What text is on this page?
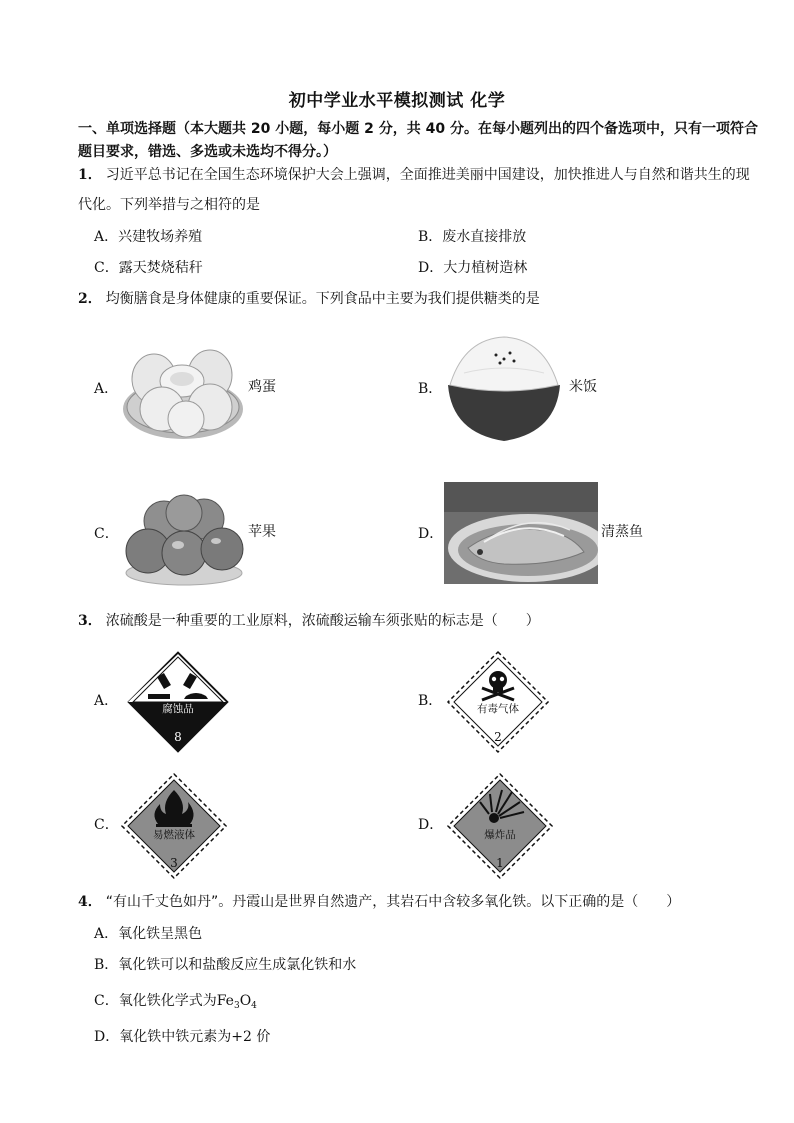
初中学业水平模拟测试 化学
一、单项选择题（本大题共 20 小题，每小题 2 分，共 40 分。在每小题列出的四个备选项中，只有一项符合题目要求，错选、多选或未选均不得分。）
1． 习近平总书记在全国生态环境保护大会上强调，全面推进美丽中国建设，加快推进人与自然和谐共生的现代化。下列举措与之相符的是
A．兴建牧场养殖	B．废水直接排放
C．露天焚烧秸秆	D．大力植树造林
2． 均衡膳食是身体健康的重要保证。下列食品中主要为我们提供糖类的是
A．	鸡蛋	B．	米饭
C．	苹果	D．	清蒸鱼
3． 浓硫酸是一种重要的工业原料，浓硫酸运输车须张贴的标志是（　　）
A．	腐蚀品
8
B．	有毒气体
2
C．
易燃液体
3
D．
爆炸品
1
4． “有山千丈色如丹”。丹霞山是世界自然遗产，其岩石中含较多氧化铁。以下正确的是（　　）
A．氧化铁呈黑色
B．氧化铁可以和盐酸反应生成氯化铁和水
C．氧化铁化学式为$Fe_3O_4$
D．氧化铁中铁元素为+2 价
